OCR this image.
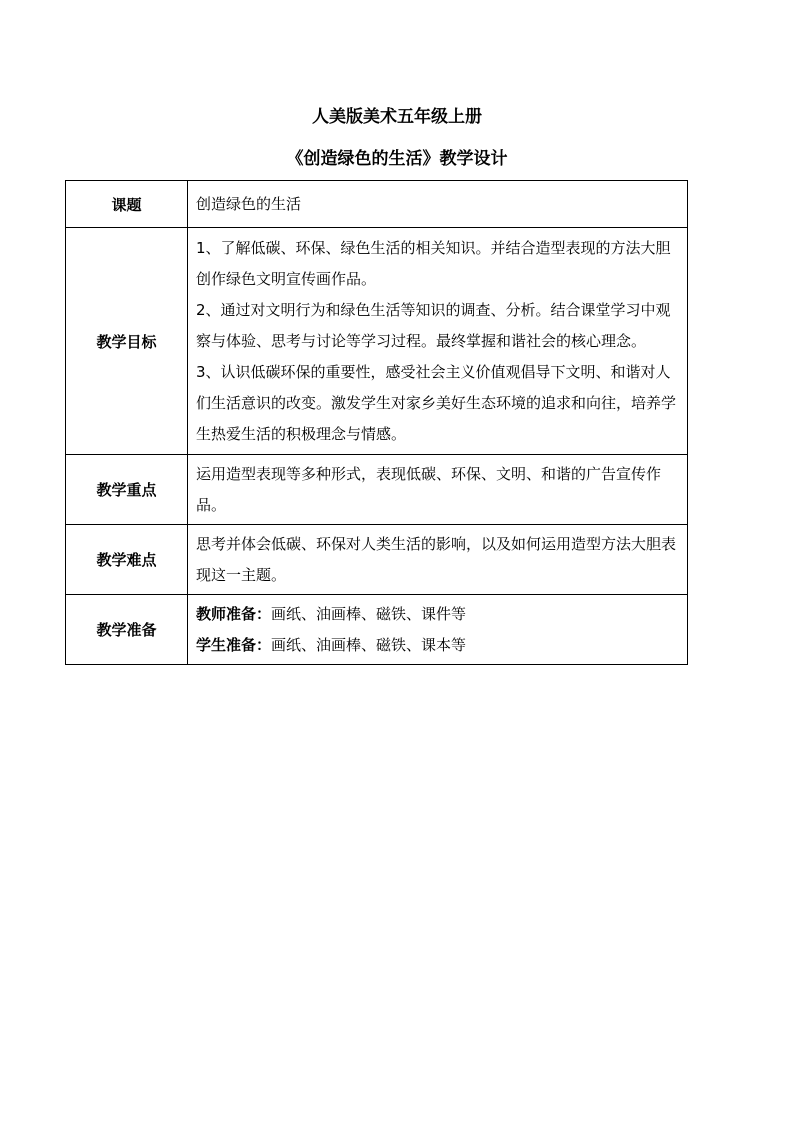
人美版美术五年级上册
《创造绿色的生活》教学设计
课题	创造绿色的生活
教学目标	1、了解低碳、环保、绿色生活的相关知识。并结合造型表现的方法大胆创作绿色文明宣传画作品。

2、通过对文明行为和绿色生活等知识的调查、分析。结合课堂学习中观察与体验、思考与讨论等学习过程。最终掌握和谐社会的核心理念。

3、认识低碳环保的重要性，感受社会主义价值观倡导下文明、和谐对人们生活意识的改变。激发学生对家乡美好生态环境的追求和向往，培养学生热爱生活的积极理念与情感。

教学重点	运用造型表现等多种形式，表现低碳、环保、文明、和谐的广告宣传作品。
教学难点	思考并体会低碳、环保对人类生活的影响，以及如何运用造型方法大胆表现这一主题。
教学准备	教师准备：画纸、油画棒、磁铁、课件等

学生准备：画纸、油画棒、磁铁、课本等
